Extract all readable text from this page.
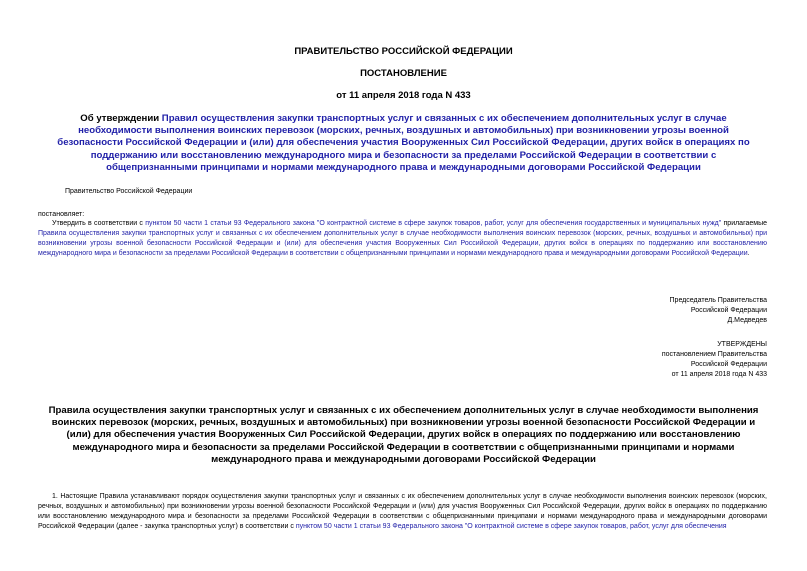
ПРАВИТЕЛЬСТВО РОССИЙСКОЙ ФЕДЕРАЦИИ
ПОСТАНОВЛЕНИЕ
от 11 апреля 2018 года N 433
Об утверждении Правил осуществления закупки транспортных услуг и связанных с их обеспечением дополнительных услуг в случае необходимости выполнения воинских перевозок (морских, речных, воздушных и автомобильных) при возникновении угрозы военной безопасности Российской Федерации и (или) для обеспечения участия Вооруженных Сил Российской Федерации, других войск в операциях по поддержанию или восстановлению международного мира и безопасности за пределами Российской Федерации в соответствии с общепризнанными принципами и нормами международного права и международными договорами Российской Федерации
Правительство Российской Федерации
постановляет:
Утвердить в соответствии с пунктом 50 части 1 статьи 93 Федерального закона "О контрактной системе в сфере закупок товаров, работ, услуг для обеспечения государственных и муниципальных нужд" прилагаемые Правила осуществления закупки транспортных услуг и связанных с их обеспечением дополнительных услуг в случае необходимости выполнения воинских перевозок (морских, речных, воздушных и автомобильных) при возникновении угрозы военной безопасности Российской Федерации и (или) для обеспечения участия Вооруженных Сил Российской Федерации, других войск в операциях по поддержанию или восстановлению международного мира и безопасности за пределами Российской Федерации в соответствии с общепризнанными принципами и нормами международного права и международными договорами Российской Федерации.
Председатель Правительства
Российской Федерации
Д.Медведев
УТВЕРЖДЕНЫ
постановлением Правительства
Российской Федерации
от 11 апреля 2018 года N 433
Правила осуществления закупки транспортных услуг и связанных с их обеспечением дополнительных услуг в случае необходимости выполнения воинских перевозок (морских, речных, воздушных и автомобильных) при возникновении угрозы военной безопасности Российской Федерации и (или) для обеспечения участия Вооруженных Сил Российской Федерации, других войск в операциях по поддержанию или восстановлению международного мира и безопасности за пределами Российской Федерации в соответствии с общепризнанными принципами и нормами международного права и международными договорами Российской Федерации
1. Настоящие Правила устанавливают порядок осуществления закупки транспортных услуг и связанных с их обеспечением дополнительных услуг в случае необходимости выполнения воинских перевозок (морских, речных, воздушных и автомобильных) при возникновении угрозы военной безопасности Российской Федерации и (или) для участия Вооруженных Сил Российской Федерации, других войск в операциях по поддержанию или восстановлению международного мира и безопасности за пределами Российской Федерации в соответствии с общепризнанными принципами и нормами международного права и международными договорами Российской Федерации (далее - закупка транспортных услуг) в соответствии с пунктом 50 части 1 статьи 93 Федерального закона "О контрактной системе в сфере закупок товаров, работ, услуг для обеспечения
